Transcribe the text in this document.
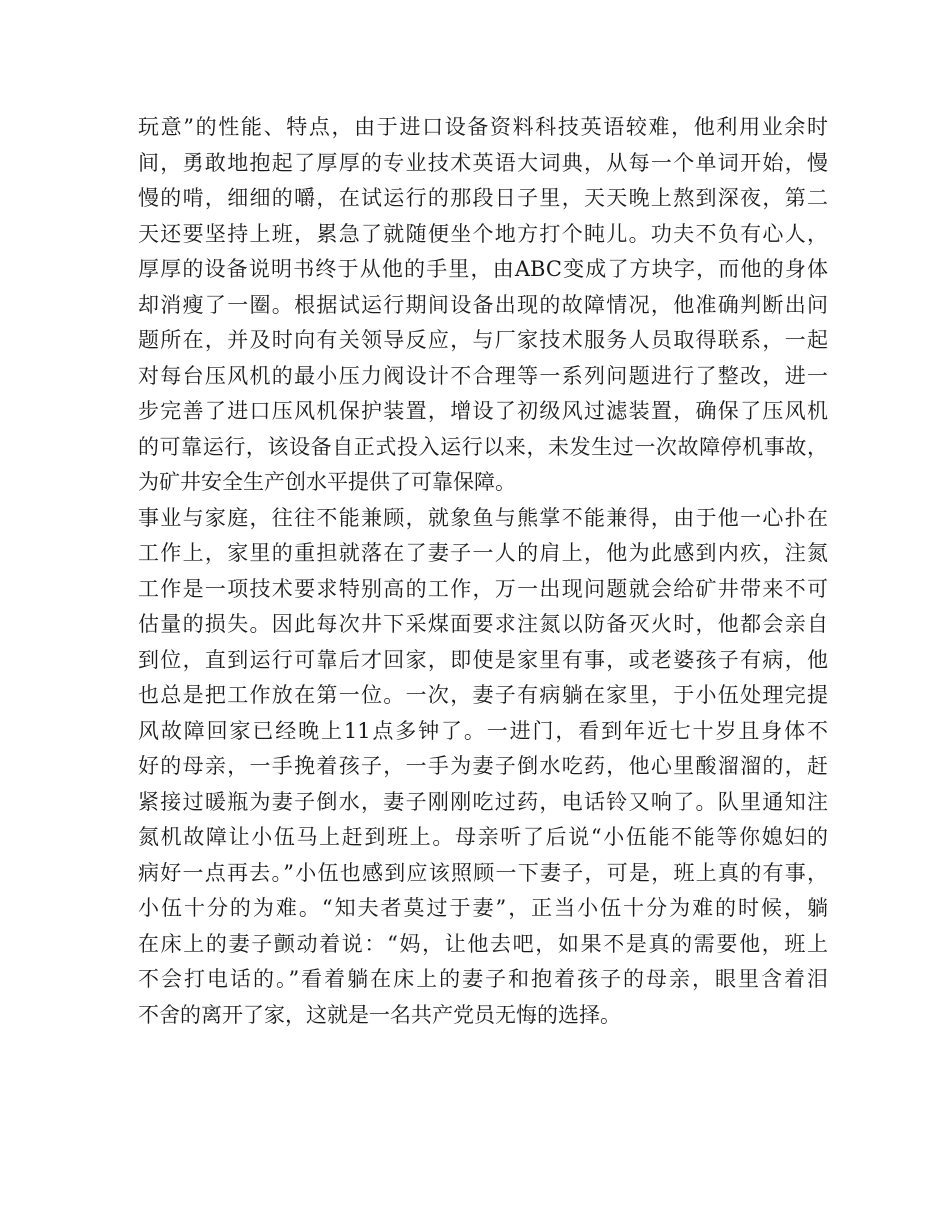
玩意”的性能、特点，由于进口设备资料科技英语较难，他利用业余时
间，勇敢地抱起了厚厚的专业技术英语大词典，从每一个单词开始，慢
慢的啃，细细的嚼，在试运行的那段日子里，天天晚上熬到深夜，第二
天还要坚持上班，累急了就随便坐个地方打个盹儿。功夫不负有心人，
厚厚的设备说明书终于从他的手里，由ABC变成了方块字，而他的身体
却消瘦了一圈。根据试运行期间设备出现的故障情况，他准确判断出问
题所在，并及时向有关领导反应，与厂家技术服务人员取得联系，一起
对每台压风机的最小压力阀设计不合理等一系列问题进行了整改，进一
步完善了进口压风机保护装置，增设了初级风过滤装置，确保了压风机
的可靠运行，该设备自正式投入运行以来，未发生过一次故障停机事故，
为矿井安全生产创水平提供了可靠保障。
事业与家庭，往往不能兼顾，就象鱼与熊掌不能兼得，由于他一心扑在
工作上，家里的重担就落在了妻子一人的肩上，他为此感到内疚，注氮
工作是一项技术要求特别高的工作，万一出现问题就会给矿井带来不可
估量的损失。因此每次井下采煤面要求注氮以防备灭火时，他都会亲自
到位，直到运行可靠后才回家，即使是家里有事，或老婆孩子有病，他
也总是把工作放在第一位。一次，妻子有病躺在家里，于小伍处理完提
风故障回家已经晚上11点多钟了。一进门，看到年近七十岁且身体不
好的母亲，一手挽着孩子，一手为妻子倒水吃药，他心里酸溜溜的，赶
紧接过暖瓶为妻子倒水，妻子刚刚吃过药，电话铃又响了。队里通知注
氮机故障让小伍马上赶到班上。母亲听了后说“小伍能不能等你媳妇的
病好一点再去。”小伍也感到应该照顾一下妻子，可是，班上真的有事，
小伍十分的为难。“知夫者莫过于妻”，正当小伍十分为难的时候，躺
在床上的妻子颤动着说：“妈，让他去吧，如果不是真的需要他，班上
不会打电话的。”看着躺在床上的妻子和抱着孩子的母亲，眼里含着泪
不舍的离开了家，这就是一名共产党员无悔的选择。
